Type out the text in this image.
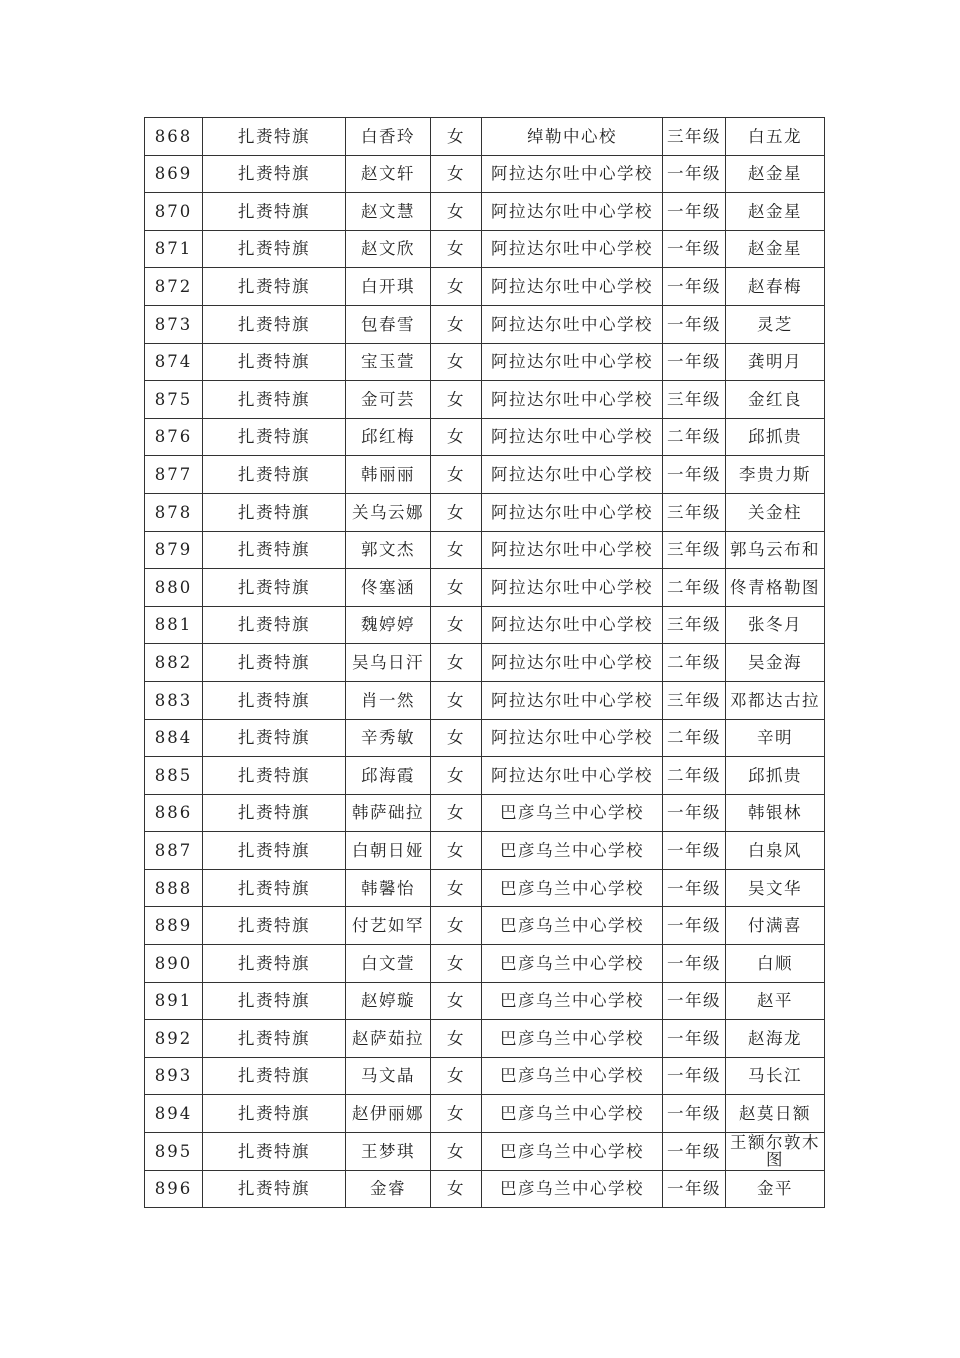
868	扎赉特旗	白香玲	女	绰勒中心校	三年级	白五龙
869	扎赉特旗	赵文轩	女	阿拉达尔吐中心学校	一年级	赵金星
870	扎赉特旗	赵文慧	女	阿拉达尔吐中心学校	一年级	赵金星
871	扎赉特旗	赵文欣	女	阿拉达尔吐中心学校	一年级	赵金星
872	扎赉特旗	白开琪	女	阿拉达尔吐中心学校	一年级	赵春梅
873	扎赉特旗	包春雪	女	阿拉达尔吐中心学校	一年级	灵芝
874	扎赉特旗	宝玉萱	女	阿拉达尔吐中心学校	一年级	龚明月
875	扎赉特旗	金可芸	女	阿拉达尔吐中心学校	三年级	金红良
876	扎赉特旗	邱红梅	女	阿拉达尔吐中心学校	二年级	邱抓贵
877	扎赉特旗	韩丽丽	女	阿拉达尔吐中心学校	一年级	李贵力斯
878	扎赉特旗	关乌云娜	女	阿拉达尔吐中心学校	三年级	关金柱
879	扎赉特旗	郭文杰	女	阿拉达尔吐中心学校	三年级	郭乌云布和
880	扎赉特旗	佟塞涵	女	阿拉达尔吐中心学校	二年级	佟青格勒图
881	扎赉特旗	魏婷婷	女	阿拉达尔吐中心学校	三年级	张冬月
882	扎赉特旗	吴乌日汗	女	阿拉达尔吐中心学校	二年级	吴金海
883	扎赉特旗	肖一然	女	阿拉达尔吐中心学校	三年级	邓都达古拉
884	扎赉特旗	辛秀敏	女	阿拉达尔吐中心学校	二年级	辛明
885	扎赉特旗	邱海霞	女	阿拉达尔吐中心学校	二年级	邱抓贵
886	扎赉特旗	韩萨础拉	女	巴彦乌兰中心学校	一年级	韩银林
887	扎赉特旗	白朝日娅	女	巴彦乌兰中心学校	一年级	白泉风
888	扎赉特旗	韩馨怡	女	巴彦乌兰中心学校	一年级	吴文华
889	扎赉特旗	付艺如罕	女	巴彦乌兰中心学校	一年级	付满喜
890	扎赉特旗	白文萱	女	巴彦乌兰中心学校	一年级	白顺
891	扎赉特旗	赵婷璇	女	巴彦乌兰中心学校	一年级	赵平
892	扎赉特旗	赵萨茹拉	女	巴彦乌兰中心学校	一年级	赵海龙
893	扎赉特旗	马文晶	女	巴彦乌兰中心学校	一年级	马长江
894	扎赉特旗	赵伊丽娜	女	巴彦乌兰中心学校	一年级	赵莫日额
895	扎赉特旗	王梦琪	女	巴彦乌兰中心学校	一年级	王额尔敦木图
896	扎赉特旗	金睿	女	巴彦乌兰中心学校	一年级	金平
